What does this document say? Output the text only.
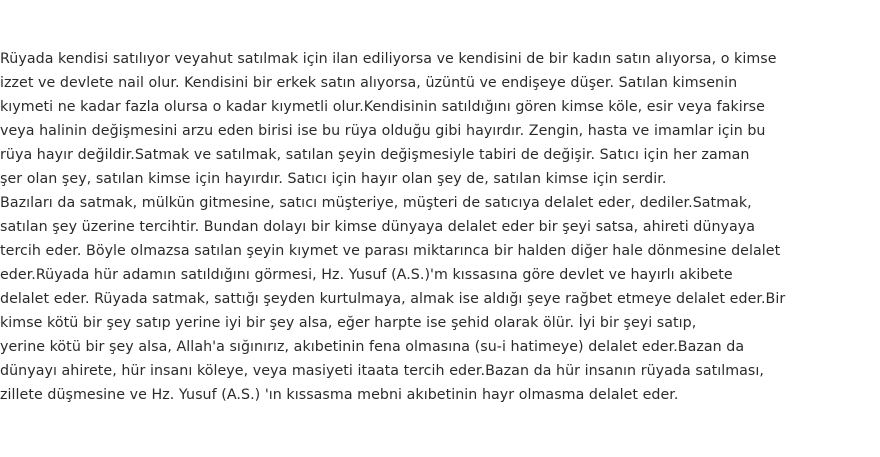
Rüyada kendisi satılıyor veyahut satılmak için ilan ediliyorsa ve kendisini de bir kadın satın alıyorsa, o kimse
izzet ve devlete nail olur. Kendisini bir erkek satın alıyorsa, üzüntü ve endişeye düşer. Satılan kimsenin
kıymeti ne kadar fazla olursa o kadar kıymetli olur.Kendisinin satıldığını gören kimse köle, esir veya fakirse
veya halinin değişmesini arzu eden birisi ise bu rüya olduğu gibi hayırdır. Zengin, hasta ve imamlar için bu
rüya hayır değildir.Satmak ve satılmak, satılan şeyin değişmesiyle tabiri de değişir. Satıcı için her zaman
şer olan şey, satılan kimse için hayırdır. Satıcı için hayır olan şey de, satılan kimse için serdir.
Bazıları da satmak, mülkün gitmesine, satıcı müşteriye, müşteri de satıcıya delalet eder, dediler.Satmak,
satılan şey üzerine tercihtir. Bundan dolayı bir kimse dünyaya delalet eder bir şeyi satsa, ahireti dünyaya
tercih eder. Böyle olmazsa satılan şeyin kıymet ve parası miktarınca bir halden diğer hale dönmesine delalet
eder.Rüyada hür adamın satıldığını görmesi, Hz. Yusuf (A.S.)'m kıssasına göre devlet ve hayırlı akibete
delalet eder. Rüyada satmak, sattığı şeyden kurtulmaya, almak ise aldığı şeye rağbet etmeye delalet eder.Bir
kimse kötü bir şey satıp yerine iyi bir şey alsa, eğer harpte ise şehid olarak ölür. İyi bir şeyi satıp,
yerine kötü bir şey alsa, Allah'a sığınırız, akıbetinin fena olmasına (su-i hatimeye) delalet eder.Bazan da
dünyayı ahirete, hür insanı köleye, veya masiyeti itaata tercih eder.Bazan da hür insanın rüyada satılması,
zillete düşmesine ve Hz. Yusuf (A.S.) 'ın kıssasma mebni akıbetinin hayr olmasma delalet eder.
